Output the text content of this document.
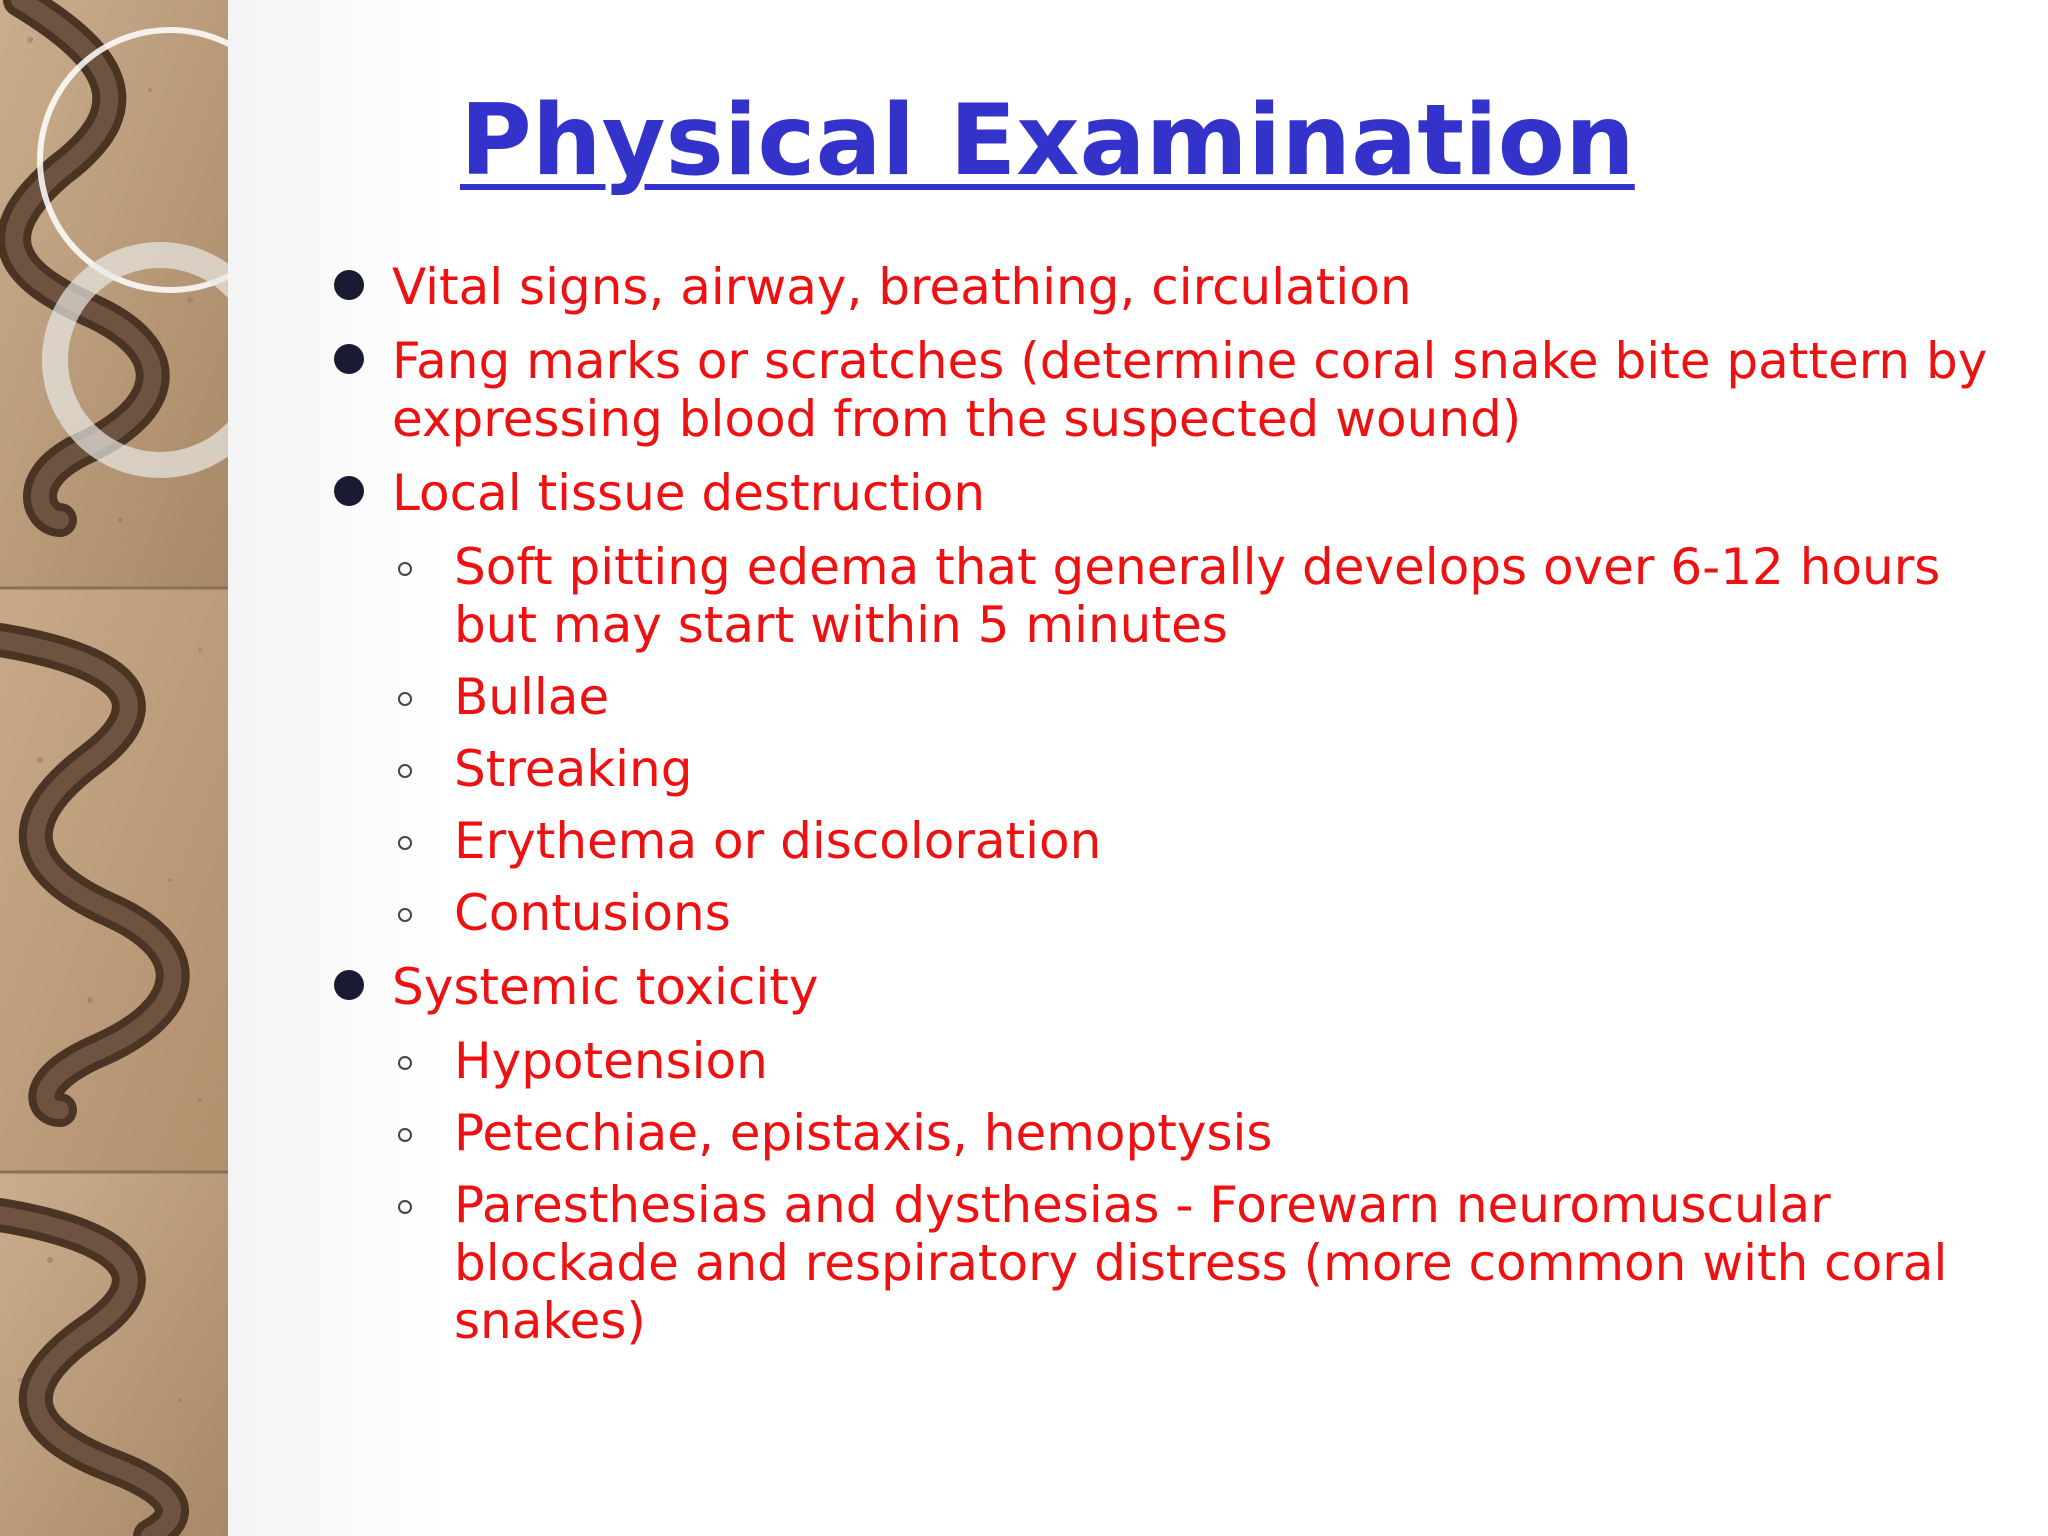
Physical Examination
Vital signs, airway, breathing, circulation
Fang marks or scratches (determine coral snake bite pattern by expressing blood from the suspected wound)
Local tissue destruction
Soft pitting edema that generally develops over 6-12 hours but may start within 5 minutes
Bullae
Streaking
Erythema or discoloration
Contusions
Systemic toxicity
Hypotension
Petechiae, epistaxis, hemoptysis
Paresthesias and dysthesias - Forewarn neuromuscular blockade and respiratory distress (more common with coral snakes)
